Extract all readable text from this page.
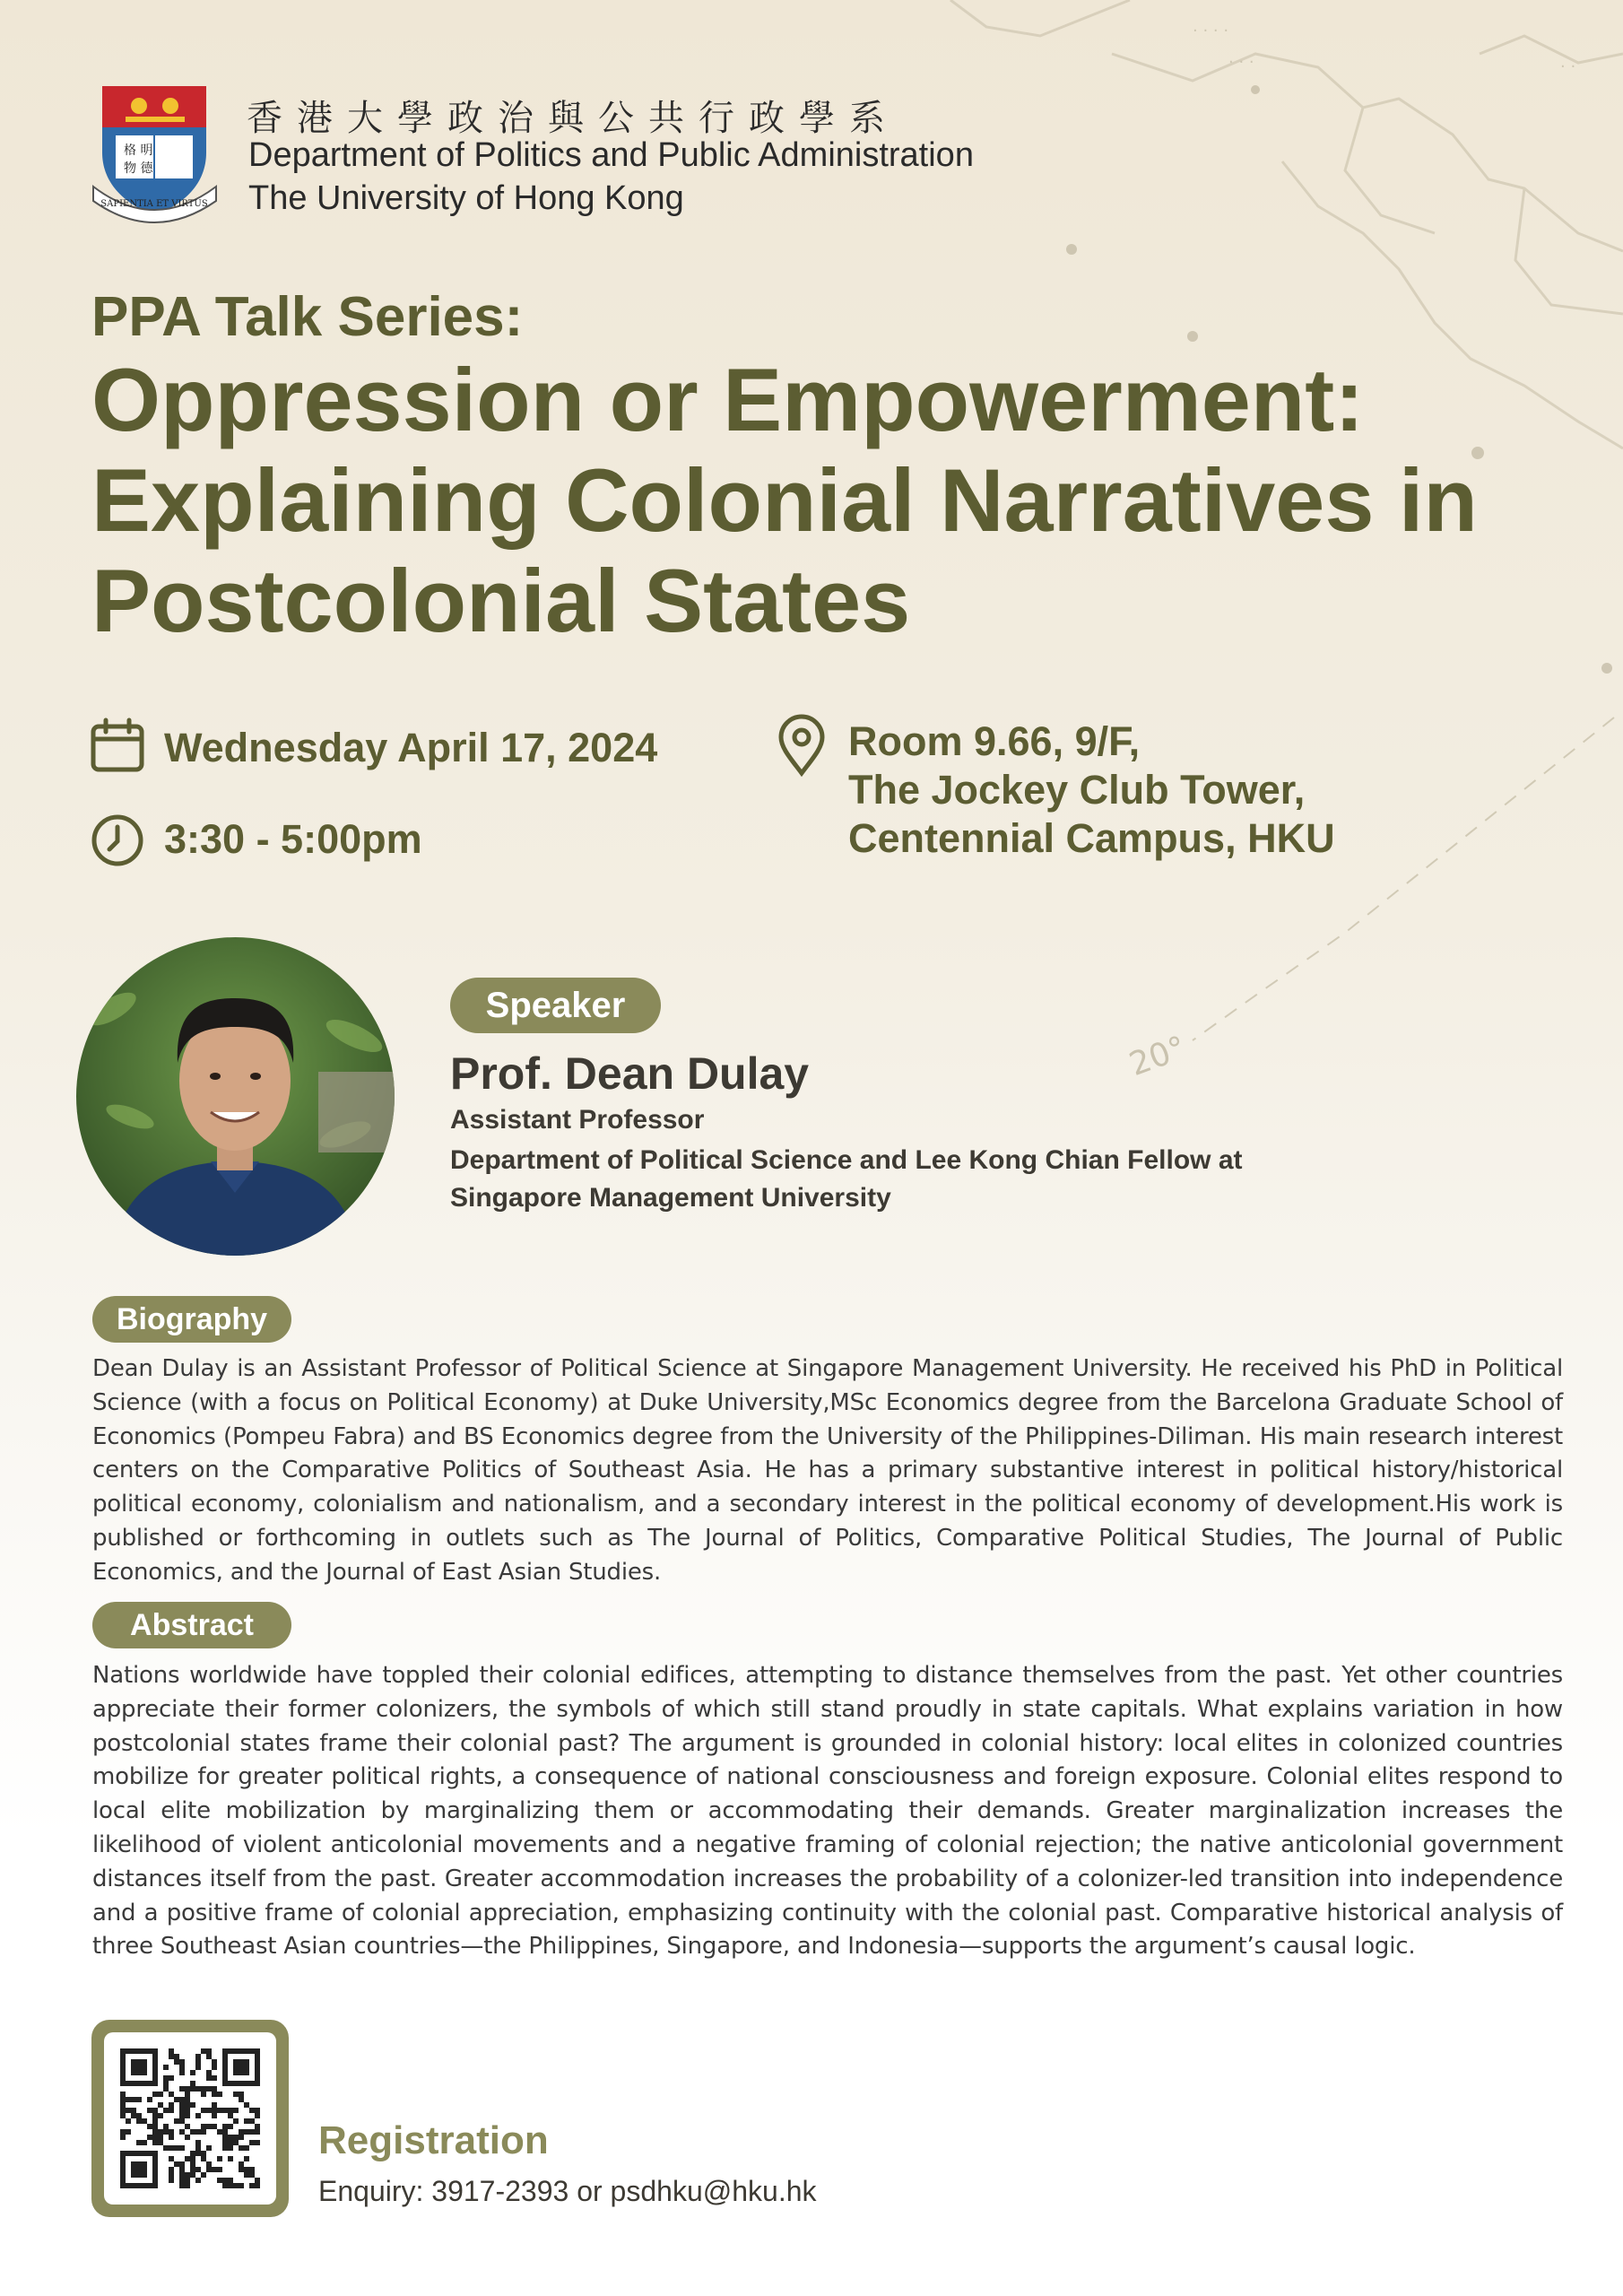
· · · ·
· · ·	· ·
20°
格 明
物 德
SAPIENTIA ET VIRTUS
香港大學政治與公共行政學系
Department of Politics and Public Administration
The University of Hong Kong
PPA Talk Series:
Oppression or Empowerment:
Explaining Colonial Narratives in
Postcolonial States
Wednesday April 17, 2024
3:30 - 5:00pm
Room 9.66, 9/F,
The Jockey Club Tower,
Centennial Campus, HKU
Speaker
Prof. Dean Dulay
Assistant Professor
Department of Political Science and Lee Kong Chian Fellow at
Singapore Management University
Biography
Dean Dulay is an Assistant Professor of Political Science at Singapore Management University. He received his PhD in Political Science (with a focus on Political Economy) at Duke University,MSc Economics degree from the Barcelona Graduate School of Economics (Pompeu Fabra) and BS Economics degree from the University of the Philippines-Diliman. His main research interest centers on the Comparative Politics of Southeast Asia. He has a primary substantive interest in political history/historical political economy, colonialism and nationalism, and a secondary interest in the political economy of development.His work is published or forthcoming in outlets such as The Journal of Politics, Comparative Political Studies, The Journal of Public Economics, and the Journal of East Asian Studies.
Abstract
Nations worldwide have toppled their colonial edifices, attempting to distance themselves from the past. Yet other countries appreciate their former colonizers, the symbols of which still stand proudly in state capitals. What explains variation in how postcolonial states frame their colonial past? The argument is grounded in colonial history: local elites in colonized countries mobilize for greater political rights, a consequence of national consciousness and foreign exposure. Colonial elites respond to local elite mobilization by marginalizing them or accommodating their demands. Greater marginalization increases the likelihood of violent anticolonial movements and a negative framing of colonial rejection; the native anticolonial government distances itself from the past. Greater accommodation increases the probability of a colonizer-led transition into independence and a positive frame of colonial appreciation, emphasizing continuity with the colonial past. Comparative historical analysis of three Southeast Asian countries—the Philippines, Singapore, and Indonesia—supports the argument’s causal logic.
Registration
Enquiry: 3917-2393 or psdhku@hku.hk
